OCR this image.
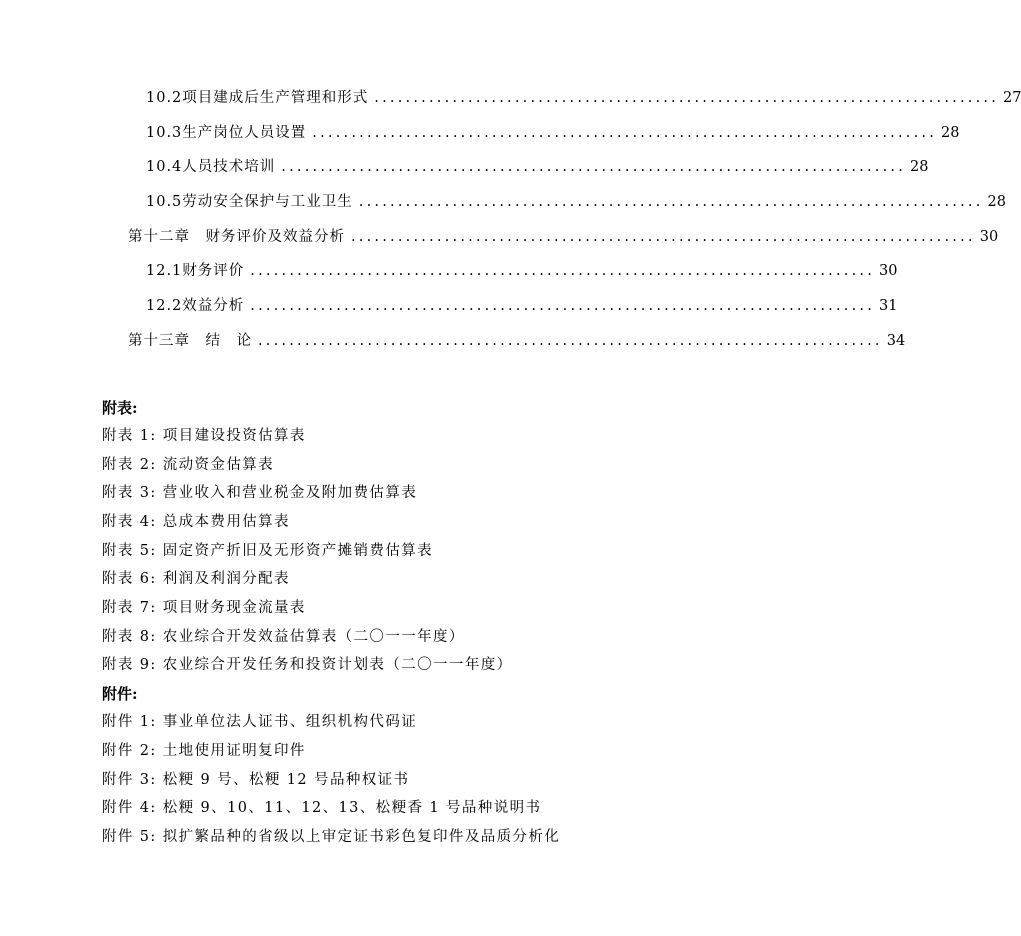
10.2项目建成后生产管理和形式 ................................................................................ 27
10.3生产岗位人员设置 ................................................................................ 28
10.4人员技术培训 ................................................................................ 28
10.5劳动安全保护与工业卫生 ................................................................................ 28
第十二章　财务评价及效益分析 ................................................................................ 30
12.1财务评价 ................................................................................ 30
12.2效益分析 ................................................................................ 31
第十三章　结　论 ................................................................................ 34
附表:
附表 1: 项目建设投资估算表
附表 2: 流动资金估算表
附表 3: 营业收入和营业税金及附加费估算表
附表 4: 总成本费用估算表
附表 5: 固定资产折旧及无形资产摊销费估算表
附表 6: 利润及利润分配表
附表 7: 项目财务现金流量表
附表 8: 农业综合开发效益估算表（二〇一一年度）
附表 9: 农业综合开发任务和投资计划表（二〇一一年度）
附件:
附件 1: 事业单位法人证书、组织机构代码证
附件 2: 土地使用证明复印件
附件 3: 松粳 9 号、松粳 12 号品种权证书
附件 4: 松粳 9、10、11、12、13、松粳香 1 号品种说明书
附件 5: 拟扩繁品种的省级以上审定证书彩色复印件及品质分析化
